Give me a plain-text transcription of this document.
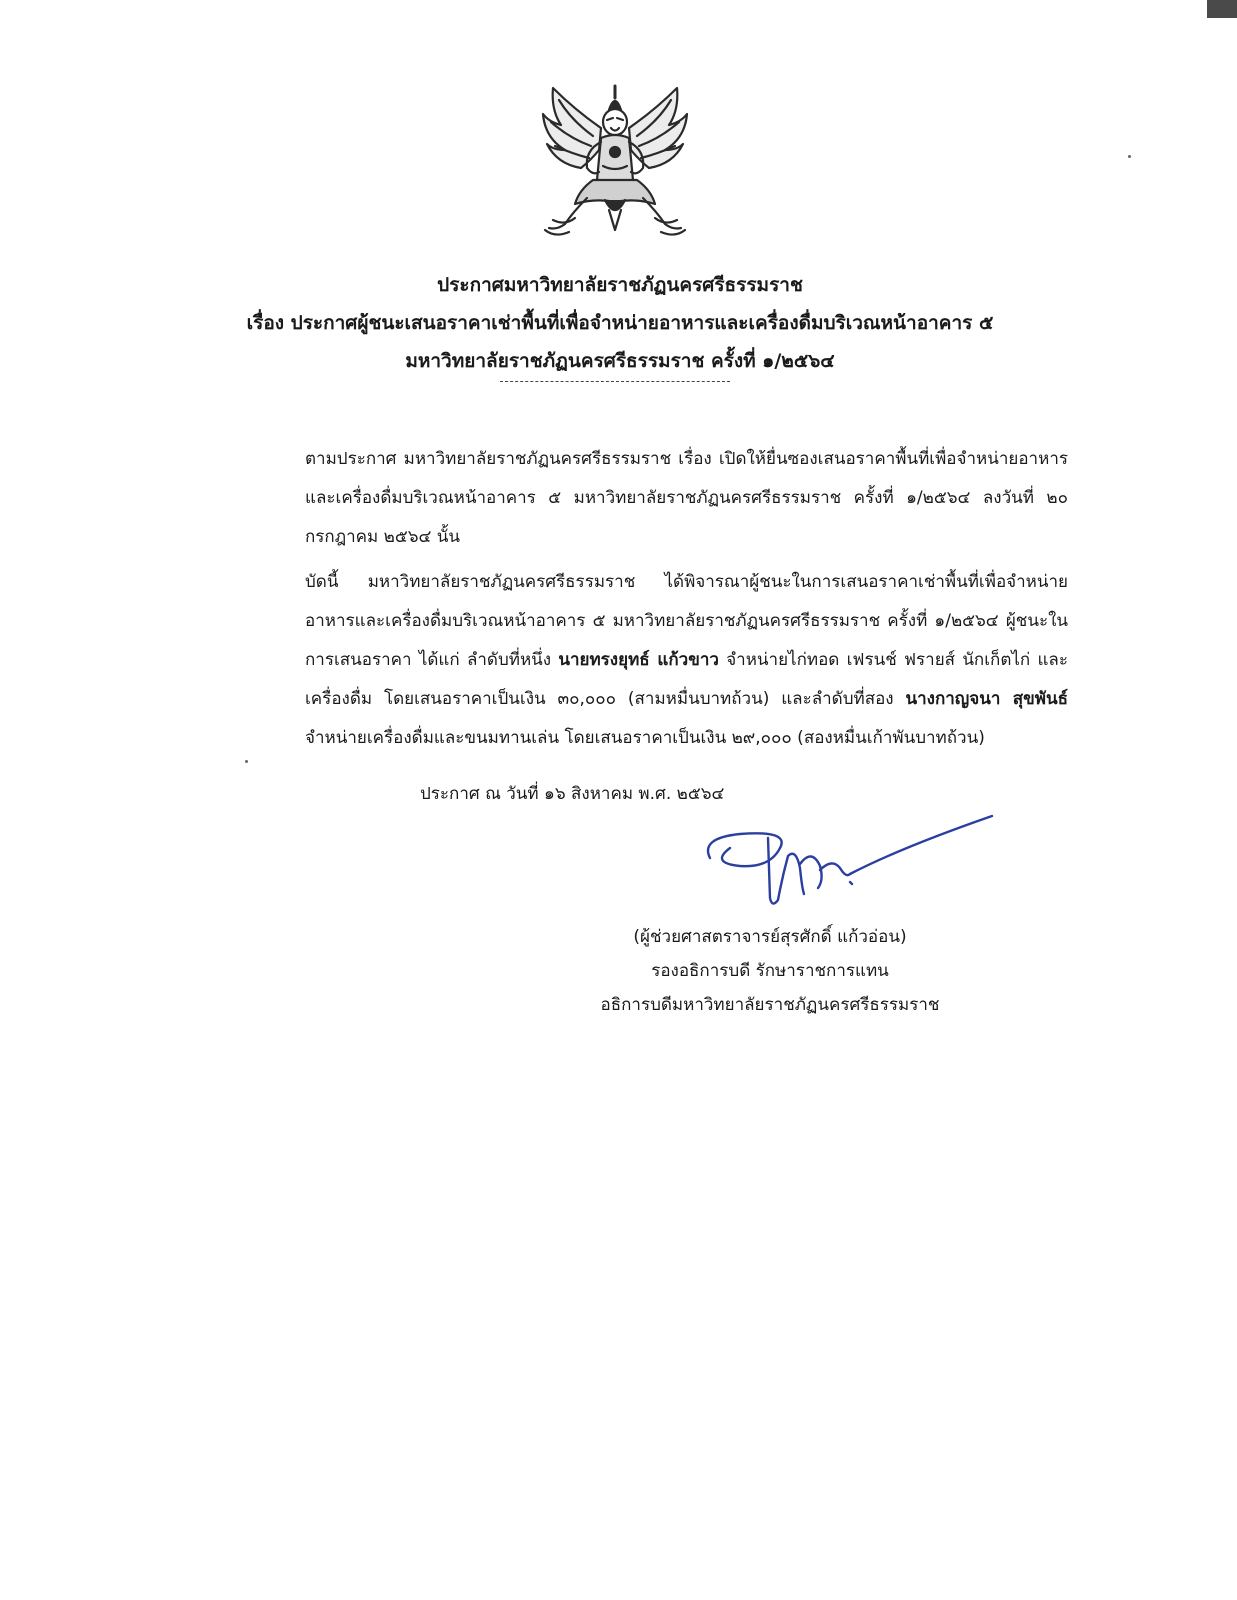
ประกาศมหาวิทยาลัยราชภัฏนครศรีธรรมราช
เรื่อง ประกาศผู้ชนะเสนอราคาเช่าพื้นที่เพื่อจำหน่ายอาหารและเครื่องดื่มบริเวณหน้าอาคาร ๕
มหาวิทยาลัยราชภัฏนครศรีธรรมราช ครั้งที่ ๑/๒๕๖๔

ตามประกาศ มหาวิทยาลัยราชภัฏนครศรีธรรมราช เรื่อง เปิดให้ยื่นซองเสนอราคาพื้นที่เพื่อจำหน่ายอาหารและเครื่องดื่มบริเวณหน้าอาคาร ๕ มหาวิทยาลัยราชภัฏนครศรีธรรมราช ครั้งที่ ๑/๒๕๖๔ ลงวันที่ ๒๐ กรกฎาคม ๒๕๖๔ นั้น

บัดนี้ มหาวิทยาลัยราชภัฏนครศรีธรรมราช ได้พิจารณาผู้ชนะในการเสนอราคาเช่าพื้นที่เพื่อจำหน่ายอาหารและเครื่องดื่มบริเวณหน้าอาคาร ๕ มหาวิทยาลัยราชภัฏนครศรีธรรมราช ครั้งที่ ๑/๒๕๖๔ ผู้ชนะในการเสนอราคา ได้แก่ ลำดับที่หนึ่ง นายทรงยุทธ์ แก้วขาว จำหน่ายไก่ทอด เฟรนช์ ฟรายส์ นักเก็ตไก่ และเครื่องดื่ม โดยเสนอราคาเป็นเงิน ๓๐,๐๐๐ (สามหมื่นบาทถ้วน) และลำดับที่สอง นางกาญจนา สุขพันธ์ จำหน่ายเครื่องดื่มและขนมทานเล่น โดยเสนอราคาเป็นเงิน ๒๙,๐๐๐ (สองหมื่นเก้าพันบาทถ้วน)

ประกาศ ณ วันที่ ๑๖ สิงหาคม พ.ศ. ๒๕๖๔
(ผู้ช่วยศาสตราจารย์สุรศักดิ์ แก้วอ่อน)
รองอธิการบดี รักษาราชการแทน
อธิการบดีมหาวิทยาลัยราชภัฏนครศรีธรรมราช
